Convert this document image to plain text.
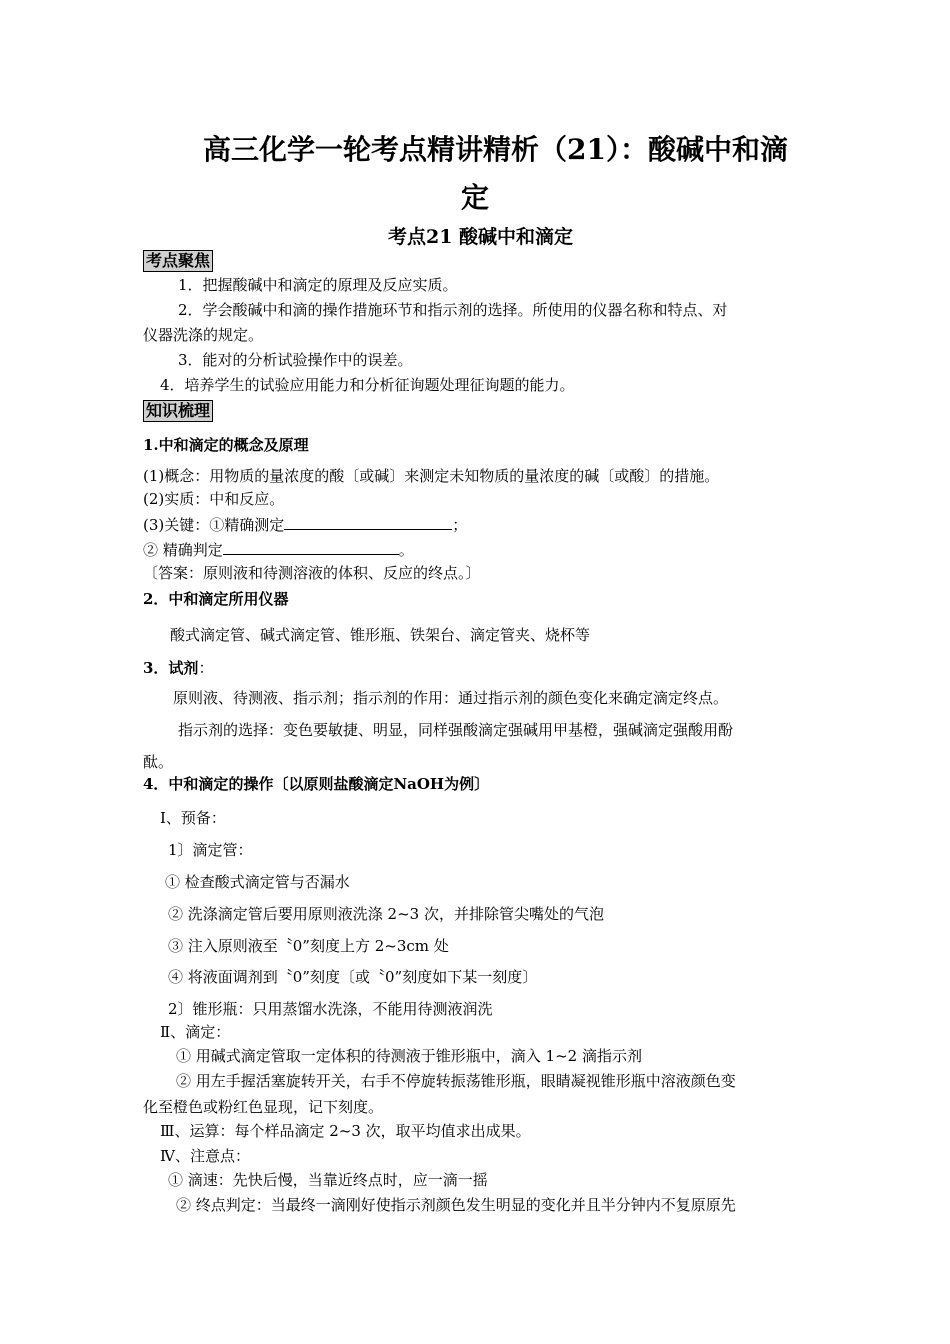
高三化学一轮考点精讲精析（21）：酸碱中和滴
定
考点21 酸碱中和滴定
考点聚焦
1．把握酸碱中和滴定的原理及反应实质。
2．学会酸碱中和滴的操作措施环节和指示剂的选择。所使用的仪器名称和特点、对
仪器洗涤的规定。
3．能对的分析试验操作中的误差。
4．培养学生的试验应用能力和分析征询题处理征询题的能力。
知识梳理
1.中和滴定的概念及原理
(1)概念：用物质的量浓度的酸〔或碱〕来测定未知物质的量浓度的碱〔或酸〕的措施。
(2)实质：中和反应。
(3)关键：①精确测定	；
② 精确判定	。
〔答案：原则液和待测溶液的体积、反应的终点。〕
2．中和滴定所用仪器
酸式滴定管、碱式滴定管、锥形瓶、铁架台、滴定管夹、烧杯等
3．试剂：
原则液、待测液、指示剂；指示剂的作用：通过指示剂的颜色变化来确定滴定终点。
指示剂的选择：变色要敏捷、明显，同样强酸滴定强碱用甲基橙，强碱滴定强酸用酚
酞。
4．中和滴定的操作〔以原则盐酸滴定NaOH为例〕
Ⅰ、预备：
1〕滴定管：
① 检查酸式滴定管与否漏水
② 洗涤滴定管后要用原则液洗涤 2~3 次，并排除管尖嘴处的气泡
③ 注入原则液至〝0”刻度上方 2~3cm 处
④ 将液面调剂到〝0”刻度〔或〝0”刻度如下某一刻度〕
2〕锥形瓶：只用蒸馏水洗涤，不能用待测液润洗
Ⅱ、滴定：
① 用碱式滴定管取一定体积的待测液于锥形瓶中，滴入 1~2 滴指示剂
② 用左手握活塞旋转开关，右手不停旋转振荡锥形瓶，眼睛凝视锥形瓶中溶液颜色变
化至橙色或粉红色显现，记下刻度。
Ⅲ、运算：每个样品滴定 2~3 次，取平均值求出成果。
Ⅳ、注意点：
① 滴速：先快后慢，当靠近终点时，应一滴一摇
② 终点判定：当最终一滴刚好使指示剂颜色发生明显的变化并且半分钟内不复原原先
